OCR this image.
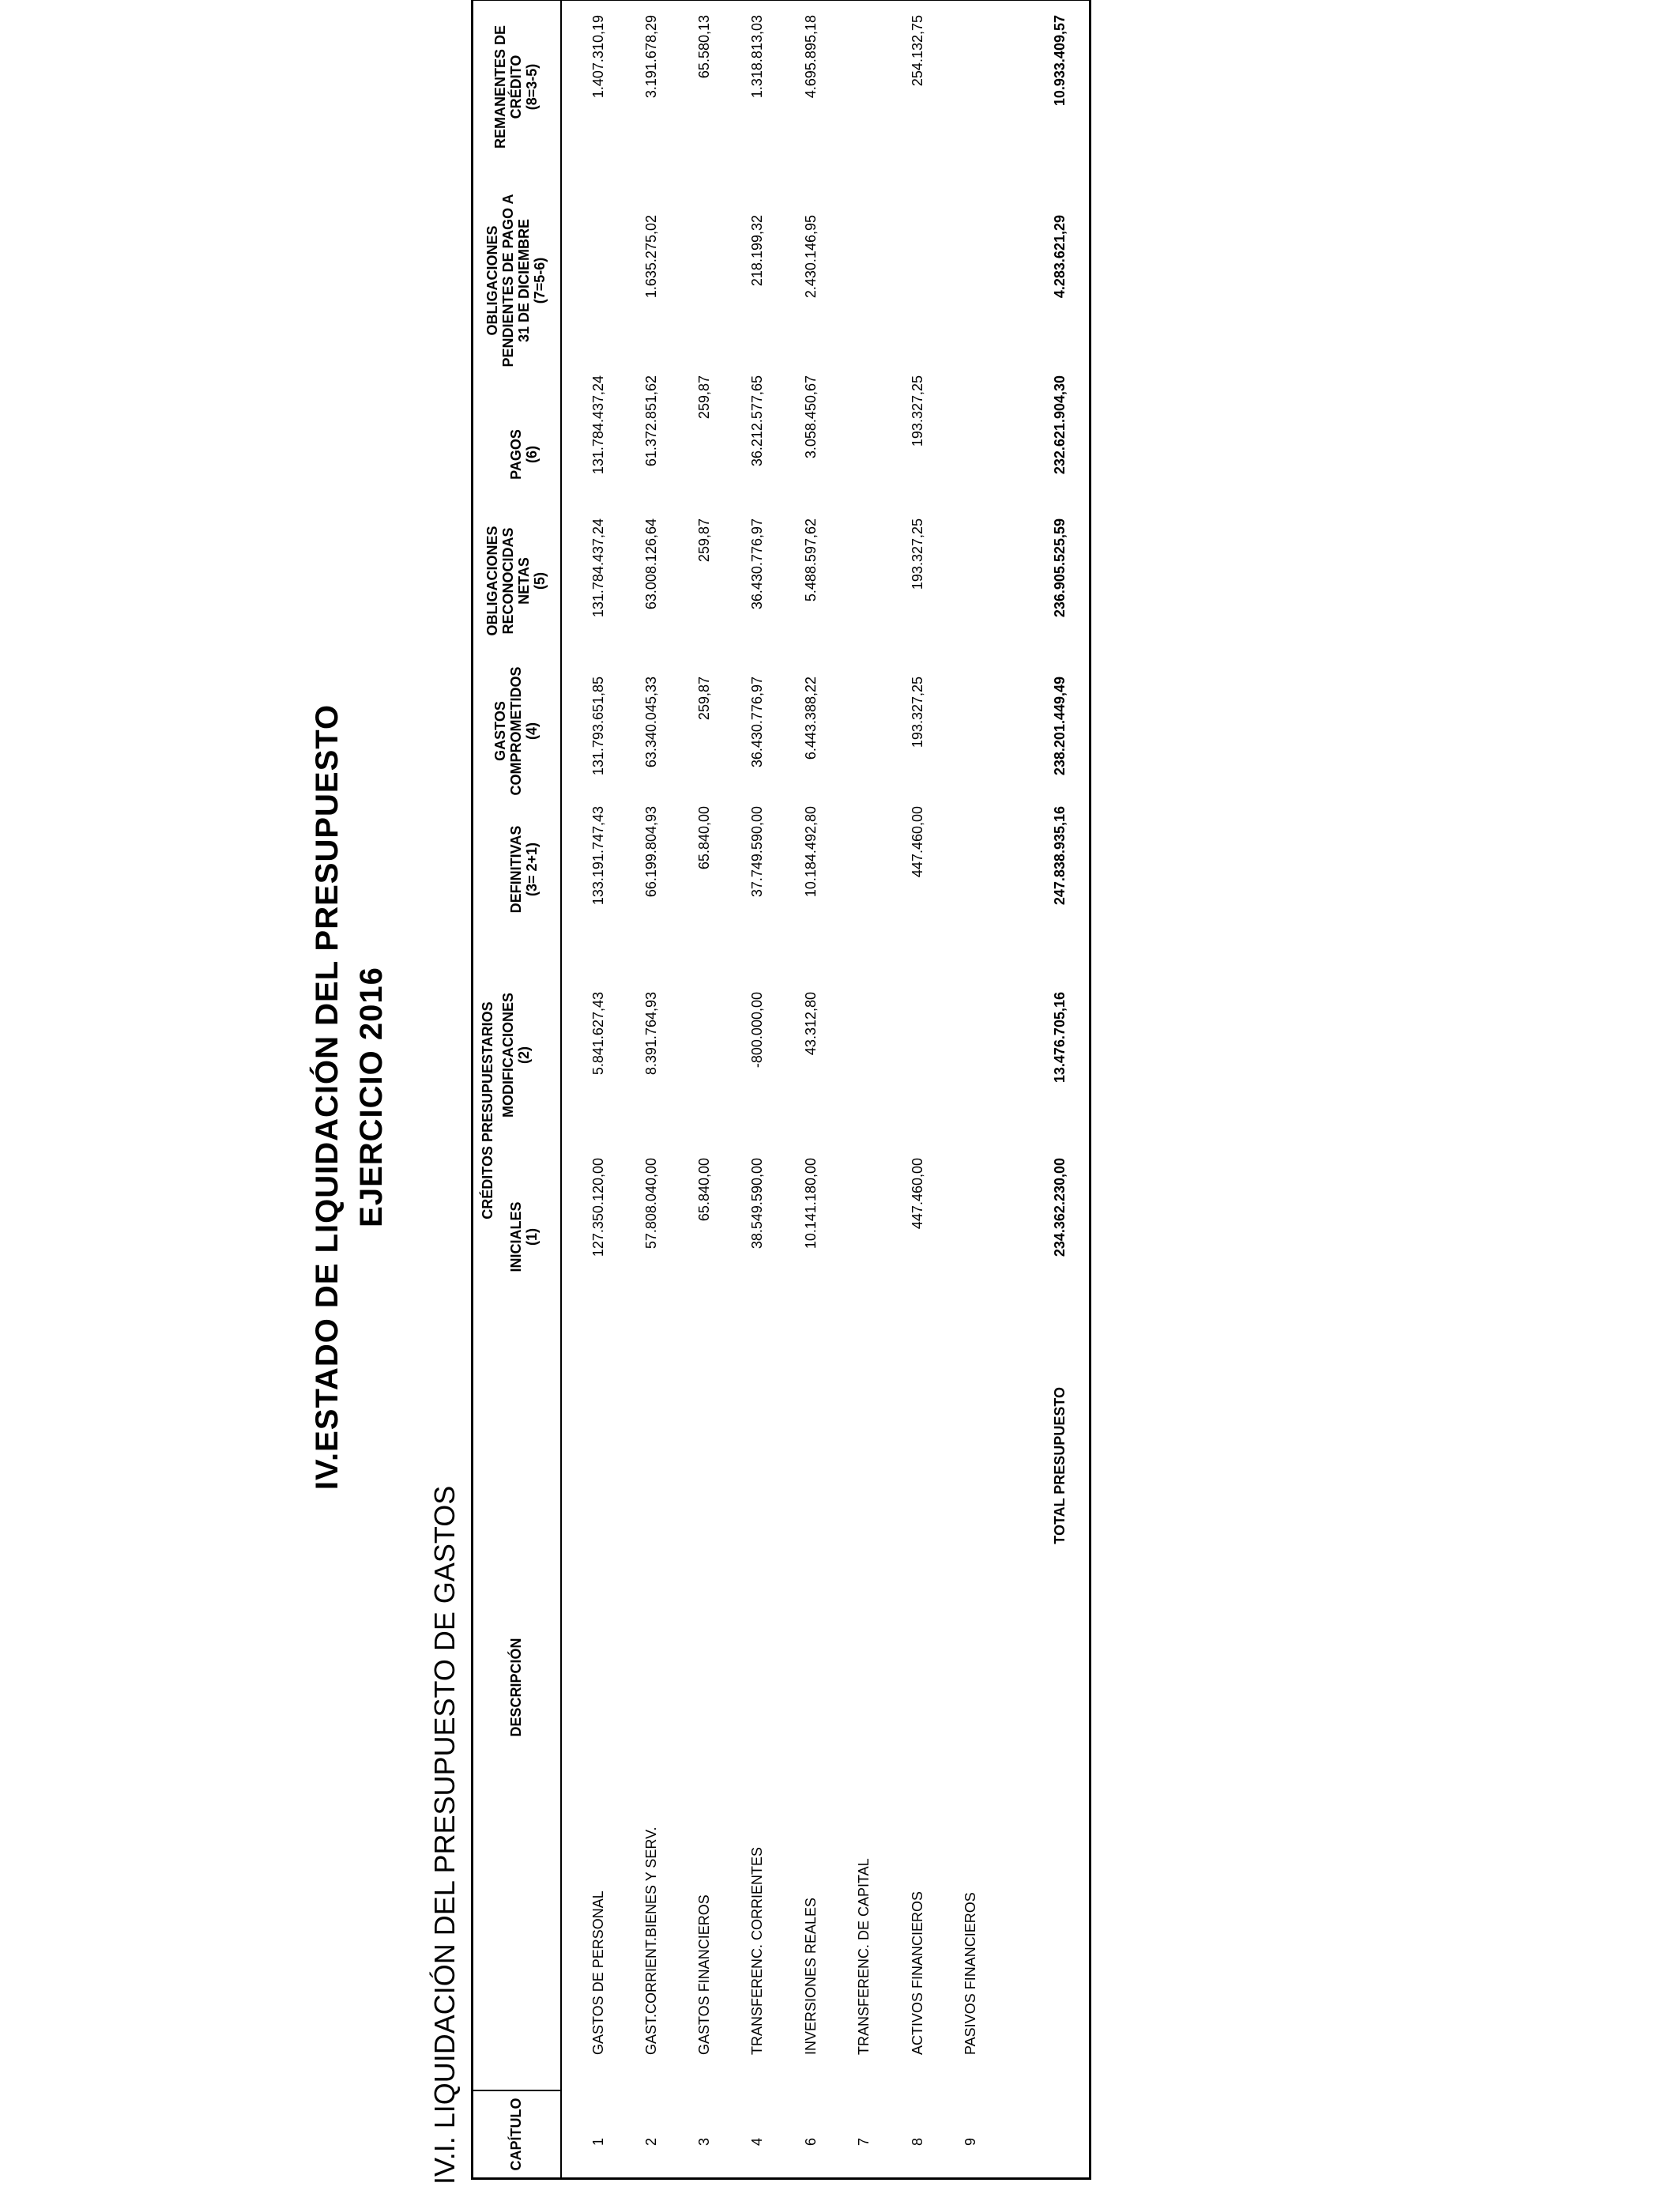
IV.ESTADO DE LIQUIDACIÓN DEL PRESUPUESTO EJERCICIO 2016
IV.I. LIQUIDACIÓN DEL PRESUPUESTO DE GASTOS	CAPÍTULO
DESCRIPCIÓN
CRÉDITOS PRESUPUESTARIOS
INICIALES (1)
MODIFICACIONES (2)
DEFINITIVAS (3= 2+1)
GASTOS COMPROMETIDOS (4)
OBLIGACIONES RECONOCIDAS NETAS (5)
PAGOS (6)
OBLIGACIONES PENDIENTES DE PAGO A 31 DE DICIEMBRE (7=5-6)
REMANENTES DE CRÉDITO (8=3-5)
1
GASTOS DE PERSONAL
127.350.120,00
5.841.627,43
133.191.747,43
131.793.651,85
131.784.437,24
131.784.437,24
1.407.310,19
2
GAST.CORRIENT.BIENES Y SERV.
57.808.040,00
8.391.764,93
66.199.804,93
63.340.045,33
63.008.126,64
61.372.851,62
1.635.275,02
3.191.678,29
3
GASTOS FINANCIEROS
65.840,00
65.840,00
259,87
259,87
259,87
65.580,13
4
TRANSFERENC. CORRIENTES
38.549.590,00
-800.000,00
37.749.590,00
36.430.776,97
36.430.776,97
36.212.577,65
218.199,32
1.318.813,03
6
INVERSIONES REALES
10.141.180,00
43.312,80
10.184.492,80
6.443.388,22
5.488.597,62
3.058.450,67
2.430.146,95
4.695.895,18
7
TRANSFERENC. DE CAPITAL
8
ACTIVOS FINANCIEROS
447.460,00
447.460,00
193.327,25
193.327,25
193.327,25
254.132,75
9
PASIVOS FINANCIEROS
TOTAL PRESUPUESTO
234.362.230,00
13.476.705,16
247.838.935,16
238.201.449,49
236.905.525,59
232.621.904,30
4.283.621,29
10.933.409,57
